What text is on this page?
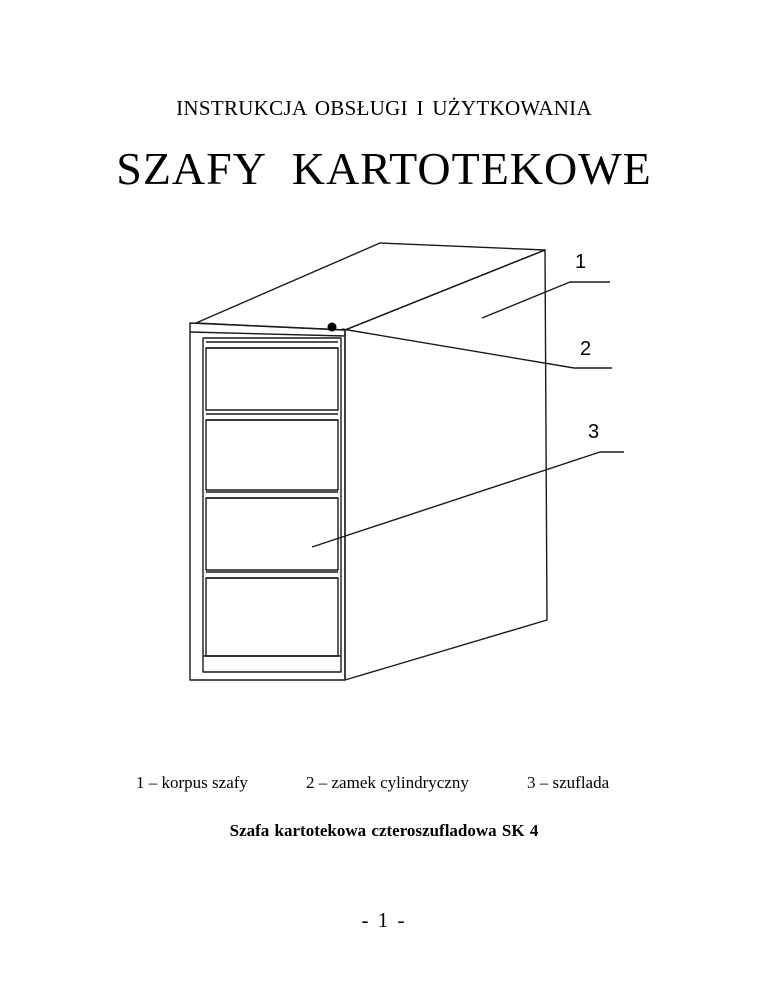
INSTRUKCJA OBSŁUGI I UŻYTKOWANIA
SZAFY KARTOTEKOWE
1
2
3
1 – korpus szafy	2 – zamek cylindryczny	3 – szuflada
Szafa kartotekowa czteroszufladowa SK 4
- 1 -
